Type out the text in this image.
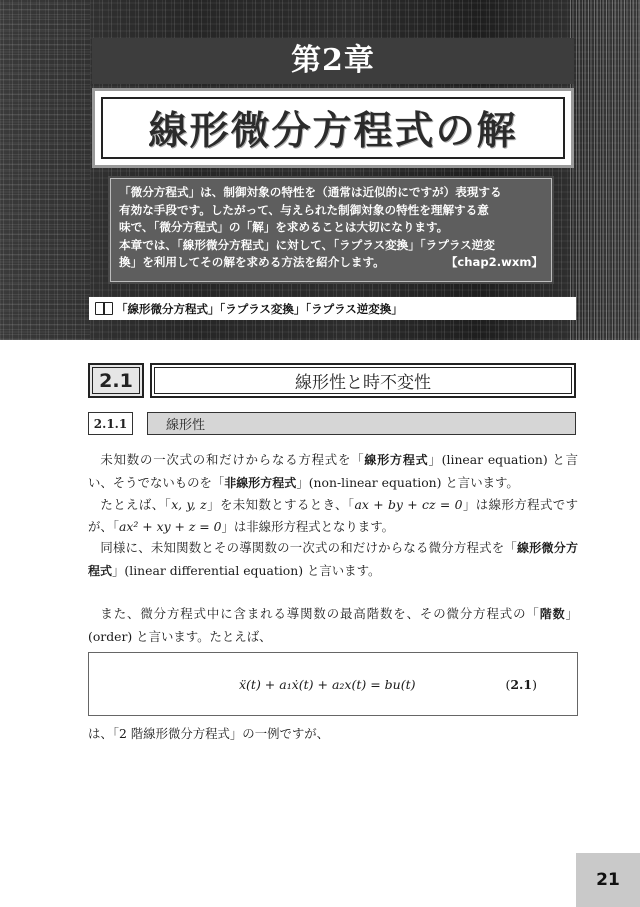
第2章
線形微分方程式の解
「微分方程式」は、制御対象の特性を（通常は近似的にですが）表現する
有効な手段です。したがって、与えられた制御対象の特性を理解する意
味で、「微分方程式」の「解」を求めることは大切になります。
本章では、「線形微分方程式」に対して、「ラプラス変換」「ラプラス逆変
換」を利用してその解を求める方法を紹介します。	【chap2.wxm】
「線形微分方程式」「ラプラス変換」「ラプラス逆変換」
2.1	線形性と時不変性
2.1.1	線形性

未知数の一次式の和だけからなる方程式を「線形方程式」(linear equation) と言い、そうでないものを「非線形方程式」(non-linear equation) と言います。

たとえば、「x, y, z」を未知数とするとき、「ax + by + cz = 0」は線形方程式ですが、「ax² + xy + z = 0」は非線形方程式となります。

同様に、未知関数とその導関数の一次式の和だけからなる微分方程式を「線形微分方程式」(linear differential equation) と言います。

また、微分方程式中に含まれる導関数の最高階数を、その微分方程式の「階数」(order) と言います。たとえば、

ẍ(t) + a₁ẋ(t) + a₂x(t) = bu(t)	(2.1)
は、「2 階線形微分方程式」の一例ですが、
21
